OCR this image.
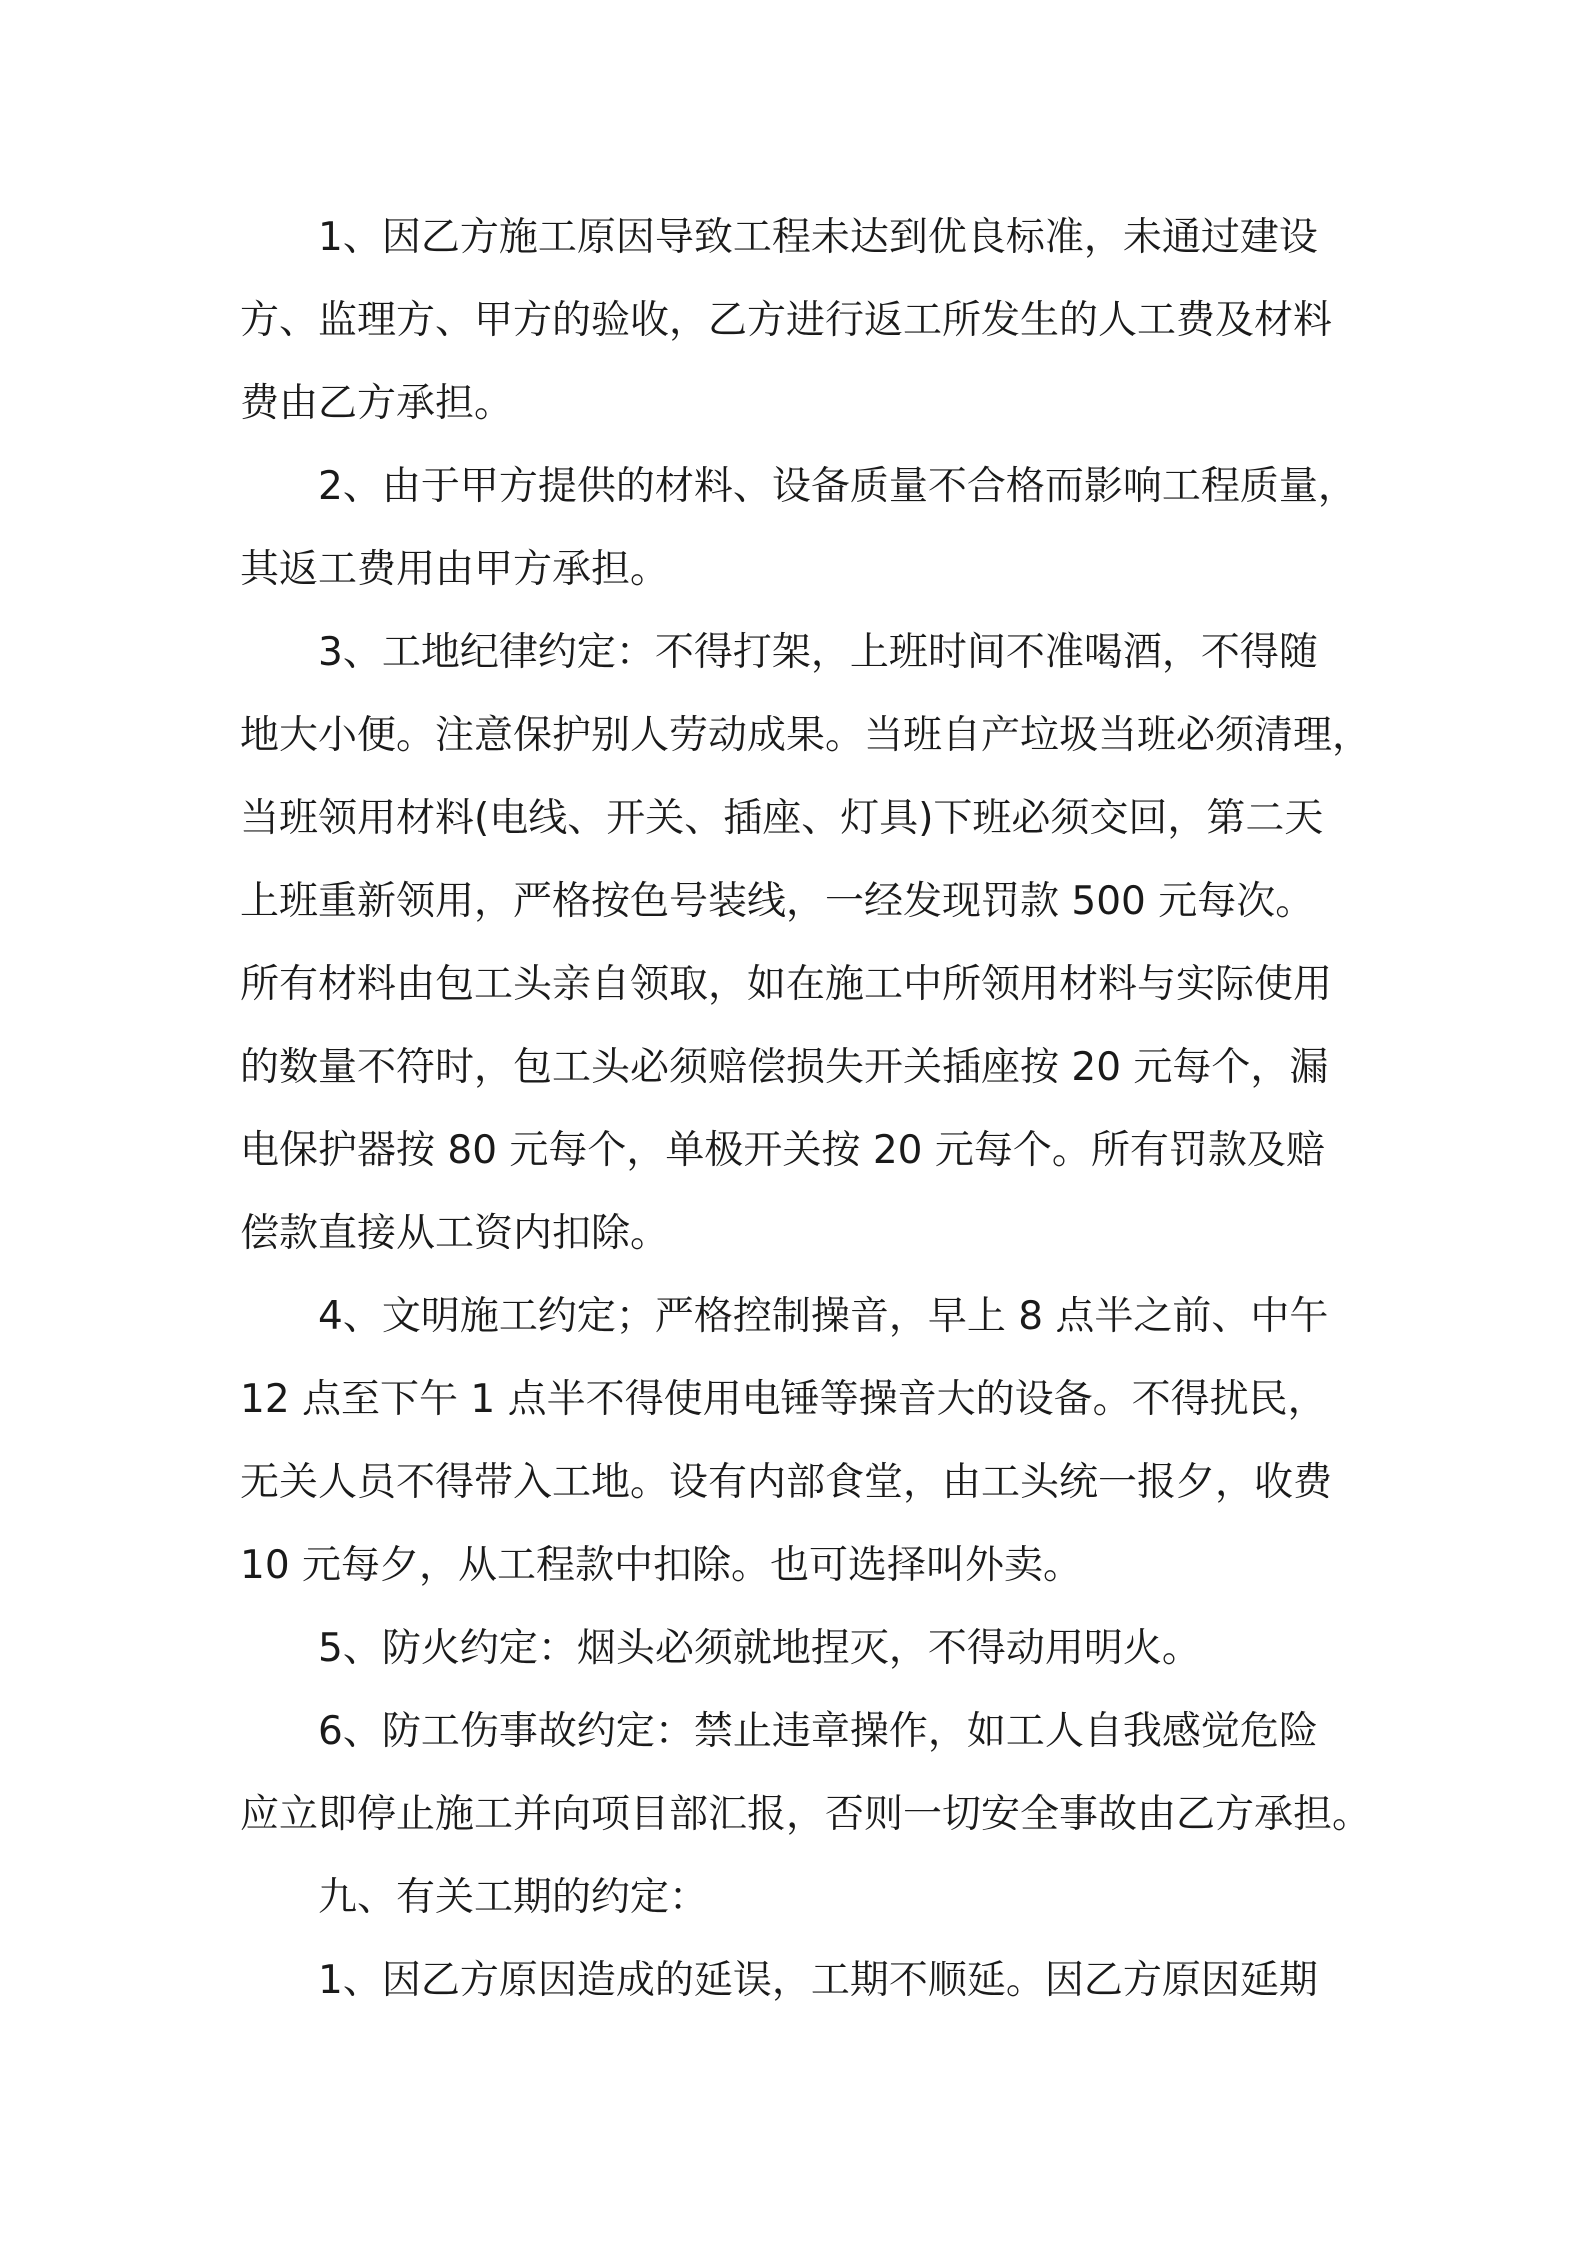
1、因乙方施工原因导致工程未达到优良标准，未通过建设
方、监理方、甲方的验收，乙方进行返工所发生的人工费及材料
费由乙方承担。
2、由于甲方提供的材料、设备质量不合格而影响工程质量，
其返工费用由甲方承担。
3、工地纪律约定：不得打架，上班时间不准喝酒，不得随
地大小便。注意保护别人劳动成果。当班自产垃圾当班必须清理，
当班领用材料(电线、开关、插座、灯具)下班必须交回，第二天
上班重新领用，严格按色号装线，一经发现罚款 500 元每次。
所有材料由包工头亲自领取，如在施工中所领用材料与实际使用
的数量不符时，包工头必须赔偿损失开关插座按 20 元每个，漏
电保护器按 80 元每个，单极开关按 20 元每个。所有罚款及赔
偿款直接从工资内扣除。
4、文明施工约定；严格控制操音，早上 8 点半之前、中午
12 点至下午 1 点半不得使用电锤等操音大的设备。不得扰民，
无关人员不得带入工地。设有内部食堂，由工头统一报夕，收费
10 元每夕，从工程款中扣除。也可选择叫外卖。
5、防火约定：烟头必须就地捏灭，不得动用明火。
6、防工伤事故约定：禁止违章操作，如工人自我感觉危险
应立即停止施工并向项目部汇报，否则一切安全事故由乙方承担。
九、有关工期的约定：
1、因乙方原因造成的延误，工期不顺延。因乙方原因延期
